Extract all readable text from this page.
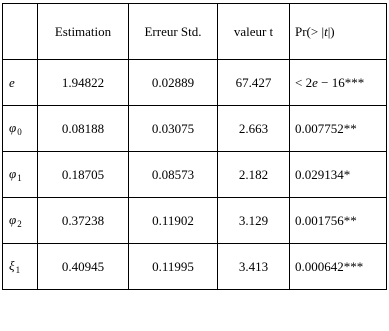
	Estimation	Erreur Std.	valeur t	Pr(> |t|)
e	1.94822	0.02889	67.427	< 2e − 16***
$\varphi_0$	0.08188	0.03075	2.663	0.007752**
$\varphi_1$	0.18705	0.08573	2.182	0.029134*
$\varphi_2$	0.37238	0.11902	3.129	0.001756**
$\xi_1$	0.40945	0.11995	3.413	0.000642***
